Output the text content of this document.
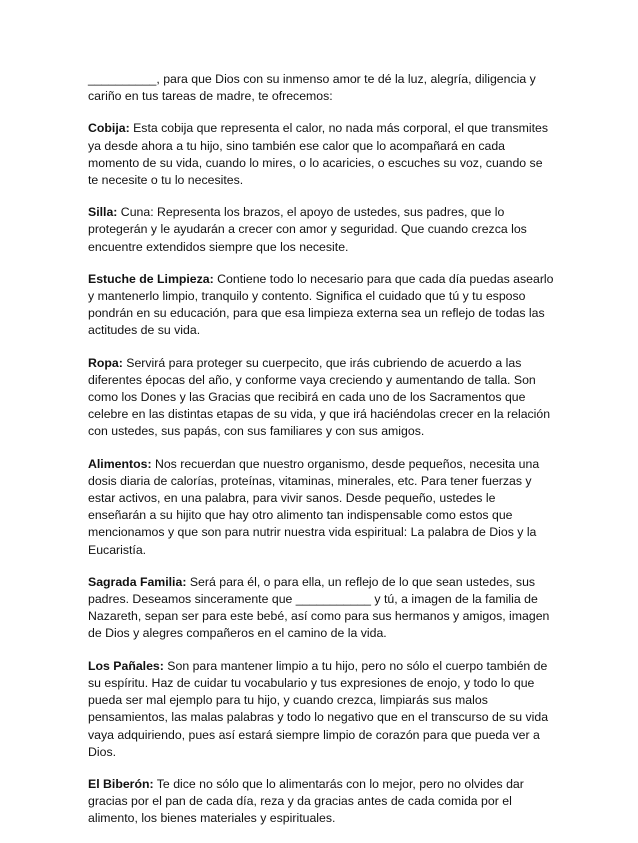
__________, para que Dios con su inmenso amor te dé la luz, alegría, diligencia y cariño en tus tareas de madre, te ofrecemos:

Cobija: Esta cobija que representa el calor, no nada más corporal, el que transmites ya desde ahora a tu hijo, sino también ese calor que lo acompañará en cada momento de su vida, cuando lo mires, o lo acaricies, o escuches su voz, cuando se te necesite o tu lo necesites.

Silla: Cuna: Representa los brazos, el apoyo de ustedes, sus padres, que lo protegerán y le ayudarán a crecer con amor y seguridad. Que cuando crezca los encuentre extendidos siempre que los necesite.

Estuche de Limpieza: Contiene todo lo necesario para que cada día puedas asearlo y mantenerlo limpio, tranquilo y contento. Significa el cuidado que tú y tu esposo pondrán en su educación, para que esa limpieza externa sea un reflejo de todas las actitudes de su vida.

Ropa: Servirá para proteger su cuerpecito, que irás cubriendo de acuerdo a las diferentes épocas del año, y conforme vaya creciendo y aumentando de talla. Son como los Dones y las Gracias que recibirá en cada uno de los Sacramentos que celebre en las distintas etapas de su vida, y que irá haciéndolas crecer en la relación con ustedes, sus papás, con sus familiares y con sus amigos.

Alimentos: Nos recuerdan que nuestro organismo, desde pequeños, necesita una dosis diaria de calorías, proteínas, vitaminas, minerales, etc. Para tener fuerzas y estar activos, en una palabra, para vivir sanos. Desde pequeño, ustedes le enseñarán a su hijito que hay otro alimento tan indispensable como estos que mencionamos y que son para nutrir nuestra vida espiritual: La palabra de Dios y la Eucaristía.

Sagrada Familia: Será para él, o para ella, un reflejo de lo que sean ustedes, sus padres. Deseamos sinceramente que ___________ y tú, a imagen de la familia de Nazareth, sepan ser para este bebé, así como para sus hermanos y amigos, imagen de Dios y alegres compañeros en el camino de la vida.

Los Pañales: Son para mantener limpio a tu hijo, pero no sólo el cuerpo también de su espíritu. Haz de cuidar tu vocabulario y tus expresiones de enojo, y todo lo que pueda ser mal ejemplo para tu hijo, y cuando crezca, limpiarás sus malos pensamientos, las malas palabras y todo lo negativo que en el transcurso de su vida vaya adquiriendo, pues así estará siempre limpio de corazón para que pueda ver a Dios.

El Biberón: Te dice no sólo que lo alimentarás con lo mejor, pero no olvides dar gracias por el pan de cada día, reza y da gracias antes de cada comida por el alimento, los bienes materiales y espirituales.
